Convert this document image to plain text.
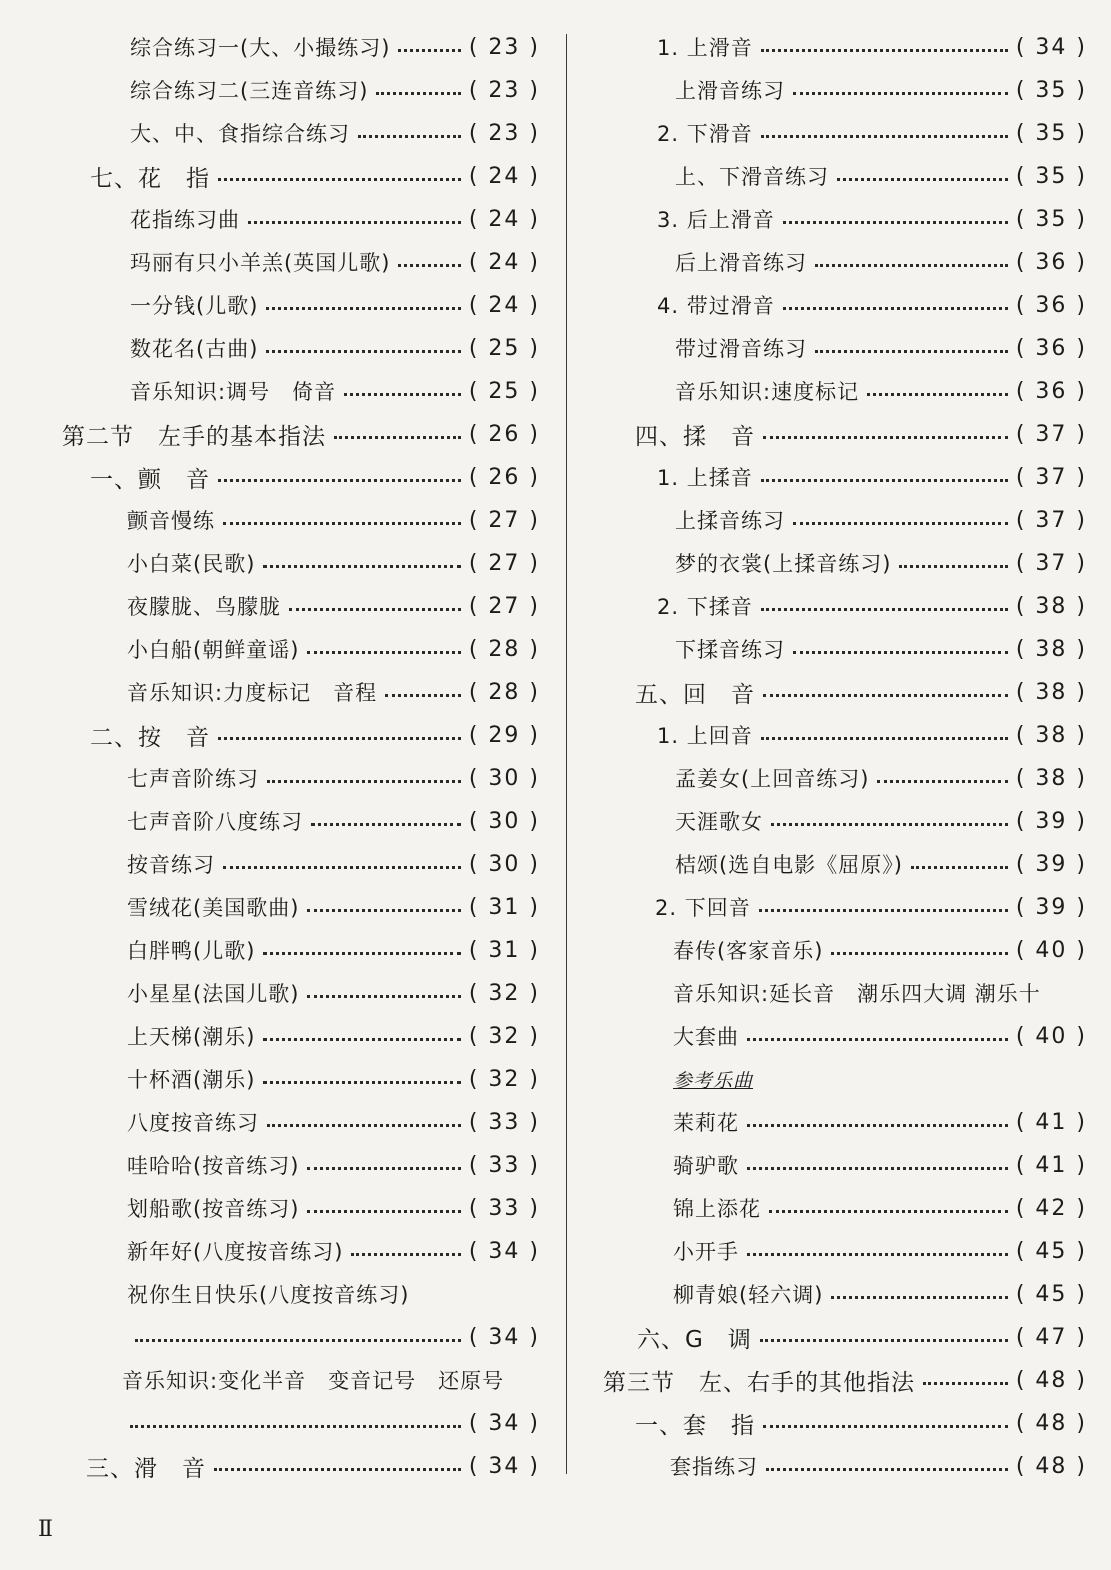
综合练习一(大、小撮练习)	( 23 )
综合练习二(三连音练习)	( 23 )
大、中、食指综合练习	( 23 )
七、花　指	( 24 )
花指练习曲	( 24 )
玛丽有只小羊羔(英国儿歌)	( 24 )
一分钱(儿歌)	( 24 )
数花名(古曲)	( 25 )
音乐知识:调号　倚音	( 25 )
第二节　左手的基本指法	( 26 )
一、颤　音	( 26 )
颤音慢练	( 27 )
小白菜(民歌)	( 27 )
夜朦胧、鸟朦胧	( 27 )
小白船(朝鲜童谣)	( 28 )
音乐知识:力度标记　音程	( 28 )
二、按　音	( 29 )
七声音阶练习	( 30 )
七声音阶八度练习	( 30 )
按音练习	( 30 )
雪绒花(美国歌曲)	( 31 )
白胖鸭(儿歌)	( 31 )
小星星(法国儿歌)	( 32 )
上天梯(潮乐)	( 32 )
十杯酒(潮乐)	( 32 )
八度按音练习	( 33 )
哇哈哈(按音练习)	( 33 )
划船歌(按音练习)	( 33 )
新年好(八度按音练习)	( 34 )
祝你生日快乐(八度按音练习)
( 34 )
音乐知识:变化半音　变音记号　还原号
( 34 )
三、滑　音	( 34 )
1. 上滑音	( 34 )
上滑音练习	( 35 )
2. 下滑音	( 35 )
上、下滑音练习	( 35 )
3. 后上滑音	( 35 )
后上滑音练习	( 36 )
4. 带过滑音	( 36 )
带过滑音练习	( 36 )
音乐知识:速度标记	( 36 )
四、揉　音	( 37 )
1. 上揉音	( 37 )
上揉音练习	( 37 )
梦的衣裳(上揉音练习)	( 37 )
2. 下揉音	( 38 )
下揉音练习	( 38 )
五、回　音	( 38 )
1. 上回音	( 38 )
孟姜女(上回音练习)	( 38 )
天涯歌女	( 39 )
桔颂(选自电影《屈原》)	( 39 )
2. 下回音	( 39 )
春传(客家音乐)	( 40 )
音乐知识:延长音　潮乐四大调 潮乐十
大套曲	( 40 )
参考乐曲
茉莉花	( 41 )
骑驴歌	( 41 )
锦上添花	( 42 )
小开手	( 45 )
柳青娘(轻六调)	( 45 )
六、G　调	( 47 )
第三节　左、右手的其他指法	( 48 )
一、套　指	( 48 )
套指练习	( 48 )
Ⅱ
